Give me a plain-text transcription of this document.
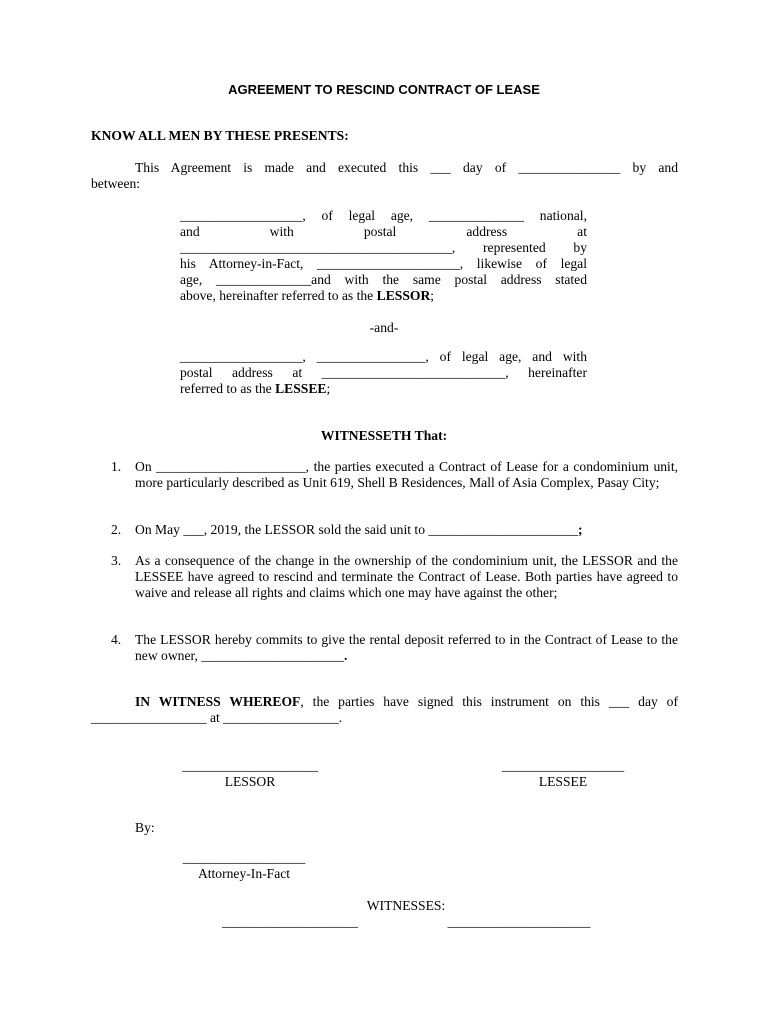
AGREEMENT TO RESCIND CONTRACT OF LEASE
KNOW ALL MEN BY THESE PRESENTS:
This Agreement is made and executed this ___ day of _______________ by and
between:
__________________, of legal age, ______________ national,
and with postal address at
________________________________________, represented by
his Attorney-in-Fact, _____________________, likewise of legal
age, ______________and with the same postal address stated
above, hereinafter referred to as the LESSOR;
-and-
__________________, ________________, of legal age, and with
postal address at ___________________________, hereinafter
referred to as the LESSEE;
WITNESSETH That:
1. On ______________________, the parties executed a Contract of Lease for a condominium unit, more particularly described as Unit 619, Shell B Residences, Mall of Asia Complex, Pasay City;
2. On May ___, 2019, the LESSOR sold the said unit to ______________________;
3. As a consequence of the change in the ownership of the condominium unit, the LESSOR and the LESSEE have agreed to rescind and terminate the Contract of Lease. Both parties have agreed to waive and release all rights and claims which one may have against the other;
4. The LESSOR hereby commits to give the rental deposit referred to in the Contract of Lease to the new owner, _____________________.
IN WITNESS WHEREOF, the parties have signed this instrument on this ___ day of _________________ at _________________.
____________________
LESSOR
__________________
LESSEE
By:
__________________
Attorney-In-Fact
WITNESSES:
____________________	_____________________
